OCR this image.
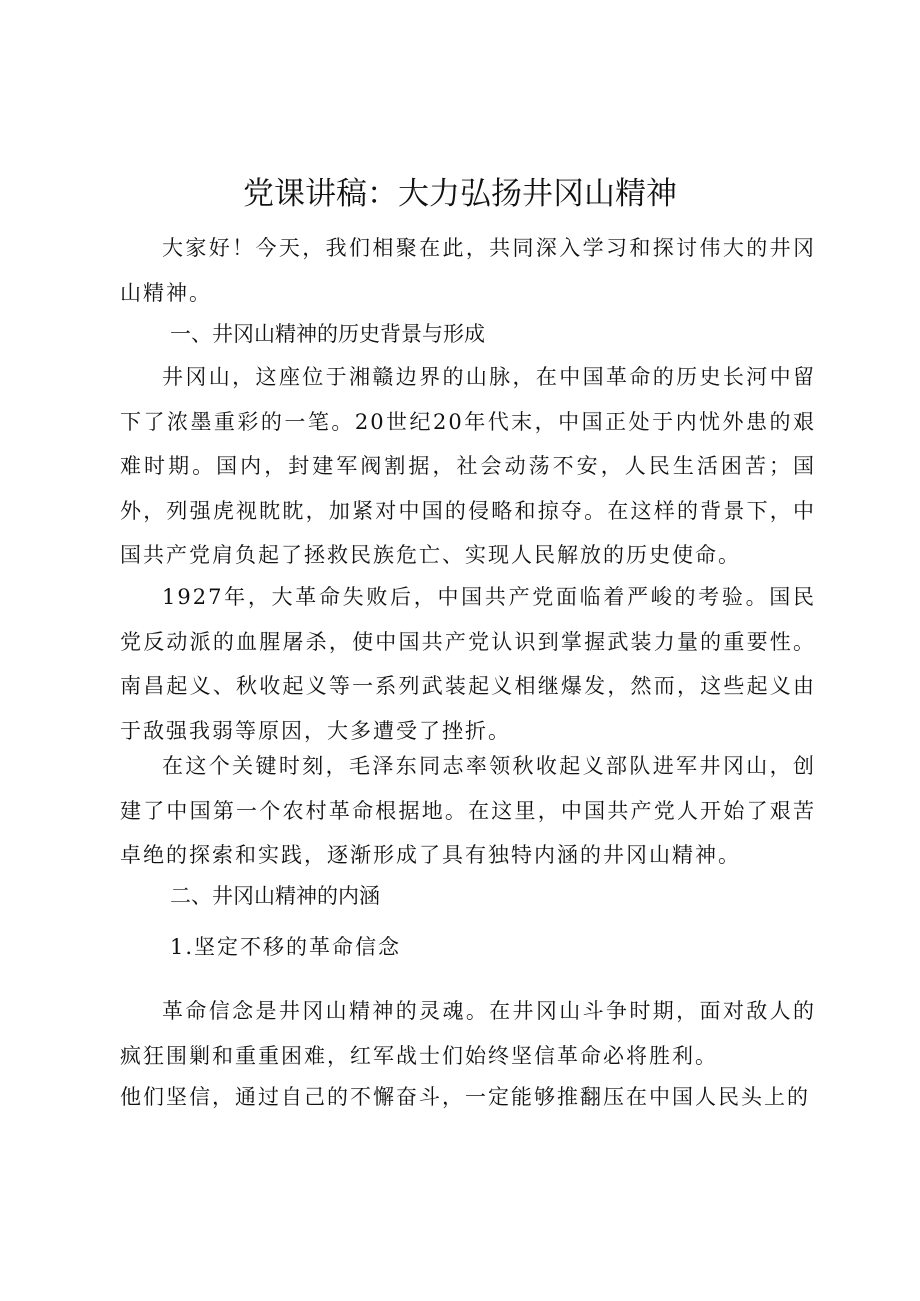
党课讲稿：大力弘扬井冈山精神

大家好！今天，我们相聚在此，共同深入学习和探讨伟大的井冈山精神。

一、井冈山精神的历史背景与形成

井冈山，这座位于湘赣边界的山脉，在中国革命的历史长河中留下了浓墨重彩的一笔。20世纪20年代末，中国正处于内忧外患的艰难时期。国内，封建军阀割据，社会动荡不安，人民生活困苦；国外，列强虎视眈眈，加紧对中国的侵略和掠夺。在这样的背景下，中国共产党肩负起了拯救民族危亡、实现人民解放的历史使命。

1927年，大革命失败后，中国共产党面临着严峻的考验。国民党反动派的血腥屠杀，使中国共产党认识到掌握武装力量的重要性。南昌起义、秋收起义等一系列武装起义相继爆发，然而，这些起义由于敌强我弱等原因，大多遭受了挫折。

在这个关键时刻，毛泽东同志率领秋收起义部队进军井冈山，创建了中国第一个农村革命根据地。在这里，中国共产党人开始了艰苦卓绝的探索和实践，逐渐形成了具有独特内涵的井冈山精神。

二、井冈山精神的内涵

1.坚定不移的革命信念

革命信念是井冈山精神的灵魂。在井冈山斗争时期，面对敌人的疯狂围剿和重重困难，红军战士们始终坚信革命必将胜利。

他们坚信，通过自己的不懈奋斗，一定能够推翻压在中国人民头上的
